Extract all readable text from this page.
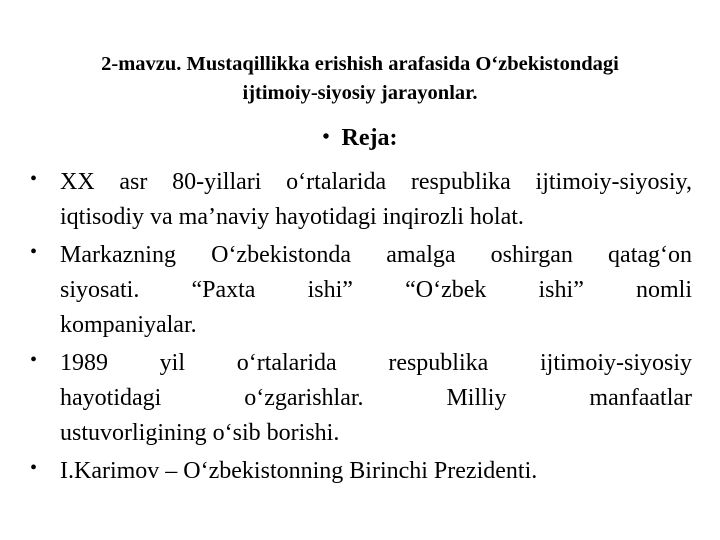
2-mavzu. Mustaqillikka erishish arafasida O‘zbekistondagi
ijtimoiy-siyosiy jarayonlar.
• Reja:
• XX asr 80-yillari o‘rtalarida respublika ijtimoiy-siyosiy,
iqtisodiy va ma’naviy hayotidagi inqirozli holat.
• Markazning O‘zbekistonda amalga oshirgan qatag‘on
siyosati. “Paxta ishi” “O‘zbek ishi” nomli
kompaniyalar.
• 1989 yil o‘rtalarida respublika ijtimoiy-siyosiy
hayotidagi o‘zgarishlar. Milliy manfaatlar
ustuvorligining o‘sib borishi.
• I.Karimov – O‘zbekistonning Birinchi Prezidenti.
